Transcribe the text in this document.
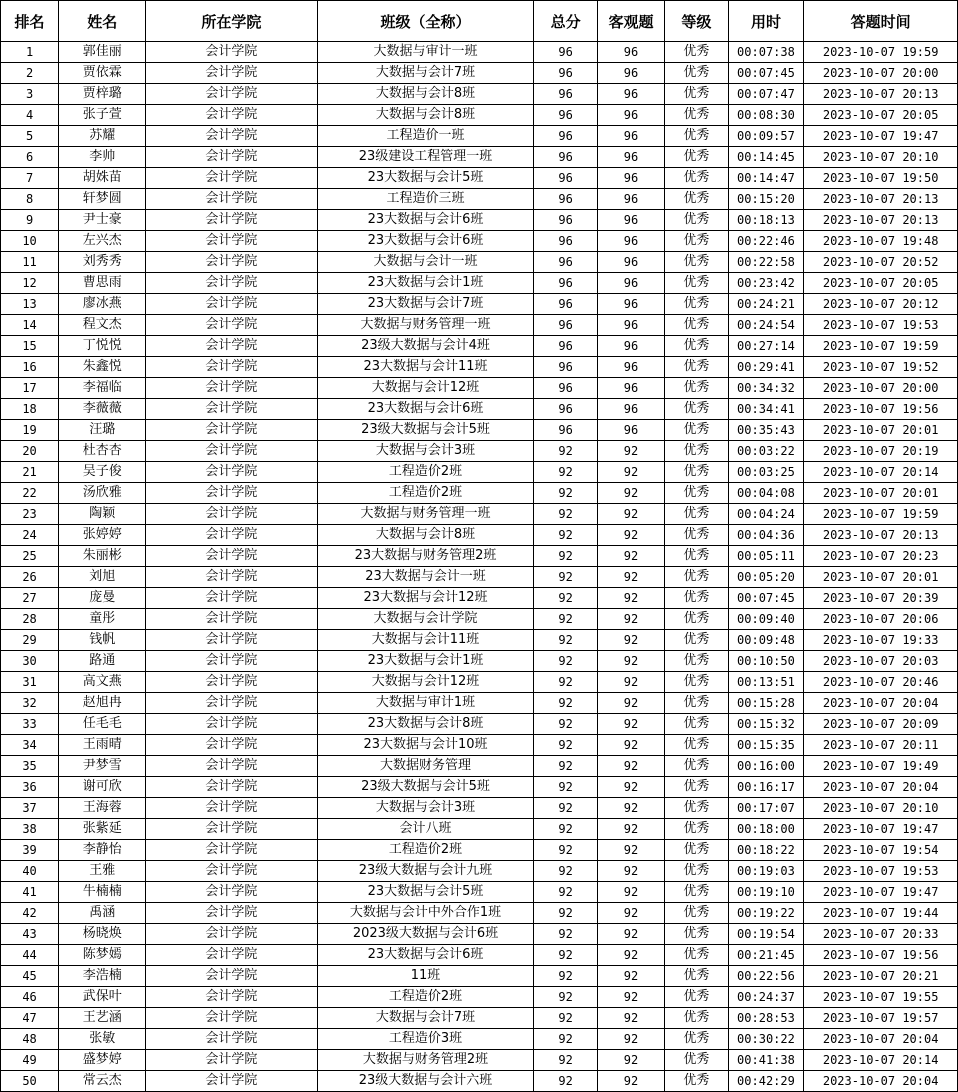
排名	姓名	所在学院	班级（全称）	总分	客观题	等级	用时	答题时间
1	郭佳丽	会计学院	大数据与审计一班	96	96	优秀	00:07:38	2023-10-07 19:59
2	贾依霖	会计学院	大数据与会计7班	96	96	优秀	00:07:45	2023-10-07 20:00
3	贾梓璐	会计学院	大数据与会计8班	96	96	优秀	00:07:47	2023-10-07 20:13
4	张子萱	会计学院	大数据与会计8班	96	96	优秀	00:08:30	2023-10-07 20:05
5	苏耀	会计学院	工程造价一班	96	96	优秀	00:09:57	2023-10-07 19:47
6	李帅	会计学院	23级建设工程管理一班	96	96	优秀	00:14:45	2023-10-07 20:10
7	胡姝苗	会计学院	23大数据与会计5班	96	96	优秀	00:14:47	2023-10-07 19:50
8	轩梦圆	会计学院	工程造价三班	96	96	优秀	00:15:20	2023-10-07 20:13
9	尹士豪	会计学院	23大数据与会计6班	96	96	优秀	00:18:13	2023-10-07 20:13
10	左兴杰	会计学院	23大数据与会计6班	96	96	优秀	00:22:46	2023-10-07 19:48
11	刘秀秀	会计学院	大数据与会计一班	96	96	优秀	00:22:58	2023-10-07 20:52
12	曹思雨	会计学院	23大数据与会计1班	96	96	优秀	00:23:42	2023-10-07 20:05
13	廖冰燕	会计学院	23大数据与会计7班	96	96	优秀	00:24:21	2023-10-07 20:12
14	程文杰	会计学院	大数据与财务管理一班	96	96	优秀	00:24:54	2023-10-07 19:53
15	丁悦悦	会计学院	23级大数据与会计4班	96	96	优秀	00:27:14	2023-10-07 19:59
16	朱鑫悦	会计学院	23大数据与会计11班	96	96	优秀	00:29:41	2023-10-07 19:52
17	李福临	会计学院	大数据与会计12班	96	96	优秀	00:34:32	2023-10-07 20:00
18	李薇薇	会计学院	23大数据与会计6班	96	96	优秀	00:34:41	2023-10-07 19:56
19	汪璐	会计学院	23级大数据与会计5班	96	96	优秀	00:35:43	2023-10-07 20:01
20	杜杏杏	会计学院	大数据与会计3班	92	92	优秀	00:03:22	2023-10-07 20:19
21	吴子俊	会计学院	工程造价2班	92	92	优秀	00:03:25	2023-10-07 20:14
22	汤欣雅	会计学院	工程造价2班	92	92	优秀	00:04:08	2023-10-07 20:01
23	陶颖	会计学院	大数据与财务管理一班	92	92	优秀	00:04:24	2023-10-07 19:59
24	张婷婷	会计学院	大数据与会计8班	92	92	优秀	00:04:36	2023-10-07 20:13
25	朱丽彬	会计学院	23大数据与财务管理2班	92	92	优秀	00:05:11	2023-10-07 20:23
26	刘旭	会计学院	23大数据与会计一班	92	92	优秀	00:05:20	2023-10-07 20:01
27	庞曼	会计学院	23大数据与会计12班	92	92	优秀	00:07:45	2023-10-07 20:39
28	童彤	会计学院	大数据与会计学院	92	92	优秀	00:09:40	2023-10-07 20:06
29	钱帆	会计学院	大数据与会计11班	92	92	优秀	00:09:48	2023-10-07 19:33
30	路通	会计学院	23大数据与会计1班	92	92	优秀	00:10:50	2023-10-07 20:03
31	高文燕	会计学院	大数据与会计12班	92	92	优秀	00:13:51	2023-10-07 20:46
32	赵旭冉	会计学院	大数据与审计1班	92	92	优秀	00:15:28	2023-10-07 20:04
33	任毛毛	会计学院	23大数据与会计8班	92	92	优秀	00:15:32	2023-10-07 20:09
34	王雨晴	会计学院	23大数据与会计10班	92	92	优秀	00:15:35	2023-10-07 20:11
35	尹梦雪	会计学院	大数据财务管理	92	92	优秀	00:16:00	2023-10-07 19:49
36	谢可欣	会计学院	23级大数据与会计5班	92	92	优秀	00:16:17	2023-10-07 20:04
37	王海蓉	会计学院	大数据与会计3班	92	92	优秀	00:17:07	2023-10-07 20:10
38	张紫延	会计学院	会计八班	92	92	优秀	00:18:00	2023-10-07 19:47
39	李静怡	会计学院	工程造价2班	92	92	优秀	00:18:22	2023-10-07 19:54
40	王雅	会计学院	23级大数据与会计九班	92	92	优秀	00:19:03	2023-10-07 19:53
41	牛楠楠	会计学院	23大数据与会计5班	92	92	优秀	00:19:10	2023-10-07 19:47
42	禹涵	会计学院	大数据与会计中外合作1班	92	92	优秀	00:19:22	2023-10-07 19:44
43	杨晓焕	会计学院	2023级大数据与会计6班	92	92	优秀	00:19:54	2023-10-07 20:33
44	陈梦嫣	会计学院	23大数据与会计6班	92	92	优秀	00:21:45	2023-10-07 19:56
45	李浩楠	会计学院	11班	92	92	优秀	00:22:56	2023-10-07 20:21
46	武保叶	会计学院	工程造价2班	92	92	优秀	00:24:37	2023-10-07 19:55
47	王艺涵	会计学院	大数据与会计7班	92	92	优秀	00:28:53	2023-10-07 19:57
48	张敏	会计学院	工程造价3班	92	92	优秀	00:30:22	2023-10-07 20:04
49	盛梦婷	会计学院	大数据与财务管理2班	92	92	优秀	00:41:38	2023-10-07 20:14
50	常云杰	会计学院	23级大数据与会计六班	92	92	优秀	00:42:29	2023-10-07 20:04
